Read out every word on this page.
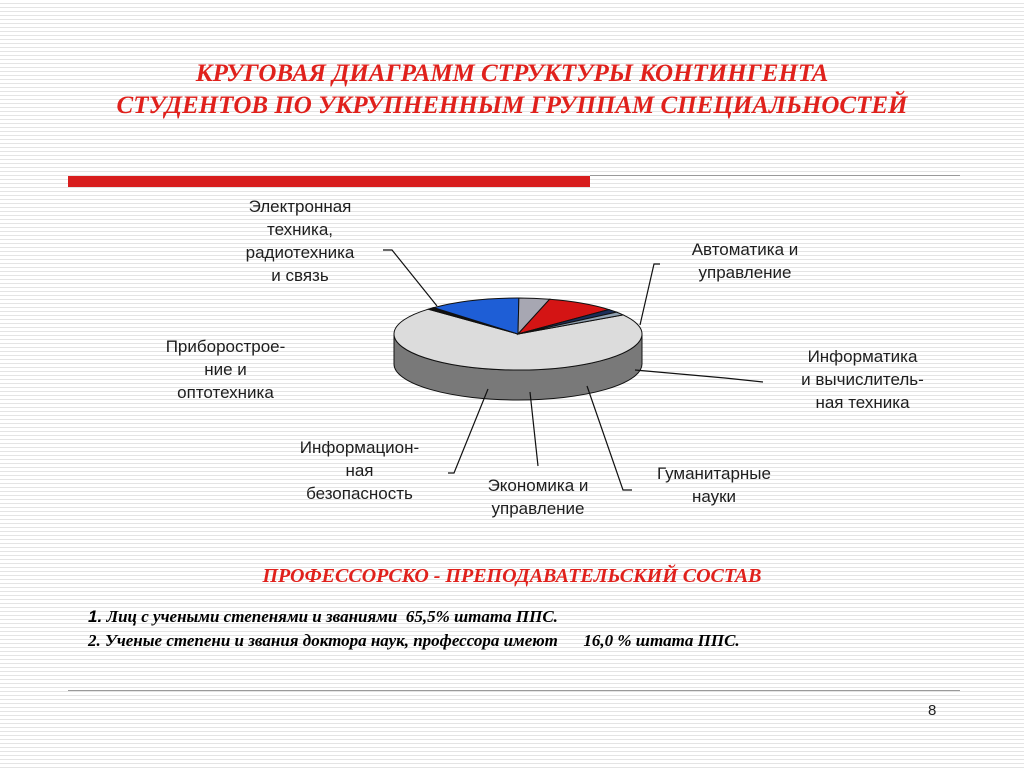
КРУГОВАЯ ДИАГРАММ СТРУКТУРЫ КОНТИНГЕНТА
СТУДЕНТОВ ПО УКРУПНЕННЫМ ГРУППАМ СПЕЦИАЛЬНОСТЕЙ
Электронная
техника,
радиотехника
и связь
Автоматика и
управление
Информатика
и вычислитель-
ная техника
Гуманитарные
науки
Экономика и
управление
Информацион-
ная
безопасность
Приборострое-
ние и
оптотехника
ПРОФЕССОРСКО - ПРЕПОДАВАТЕЛЬСКИЙ СОСТАВ

1. Лиц с учеными степенями и званиями  65,5% штата ППС.

2. Ученые степени и звания доктора наук, профессора имеют      16,0 % штата ППС.

8
